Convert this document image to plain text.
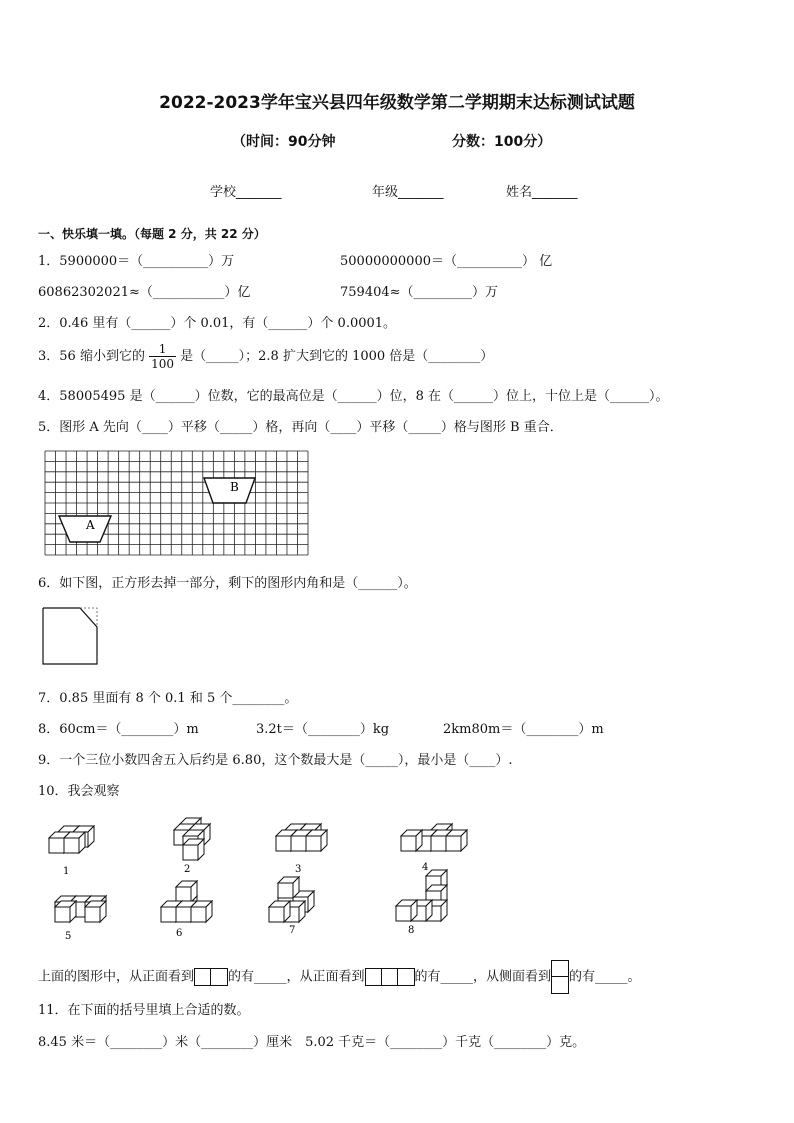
2022-2023学年宝兴县四年级数学第二学期期末达标测试试题
（时间：90分钟	分数：100分）
学校_______	年级_______	姓名_______
一、快乐填一填。（每题 2 分，共 22 分）
1．5900000＝（__________）万	50000000000＝（__________） 亿
60862302021≈（___________）亿	759404≈（_________）万
2．0.46 里有（______）个 0.01，有（______）个 0.0001。
3．56 缩小到它的 $\frac{1}{100}$ 是（_____）；2.8 扩大到它的 1000 倍是（________）
4．58005495 是（______）位数，它的最高位是（______）位，8 在（______）位上，十位上是（______）。
5．图形 A 先向（____）平移（_____）格，再向（____）平移（_____）格与图形 B 重合．
B
A
6．如下图，正方形去掉一部分，剩下的图形内角和是（______）。
7．0.85 里面有 8 个 0.1 和 5 个________。
8．60cm＝（________）m	3.2t＝（________）kg	2km80m＝（________）m
9．一个三位小数四舍五入后约是 6.80，这个数最大是（_____），最小是（____）.
10．我会观察
1	2	3	4
5	6	7	8
上面的图形中，从正面看到	的有_____，从正面看到	的有_____，从侧面看到 的有_____。
11．在下面的括号里填上合适的数。
8.45 米＝（________）米（________）厘米　5.02 千克＝（________）千克（________）克。
